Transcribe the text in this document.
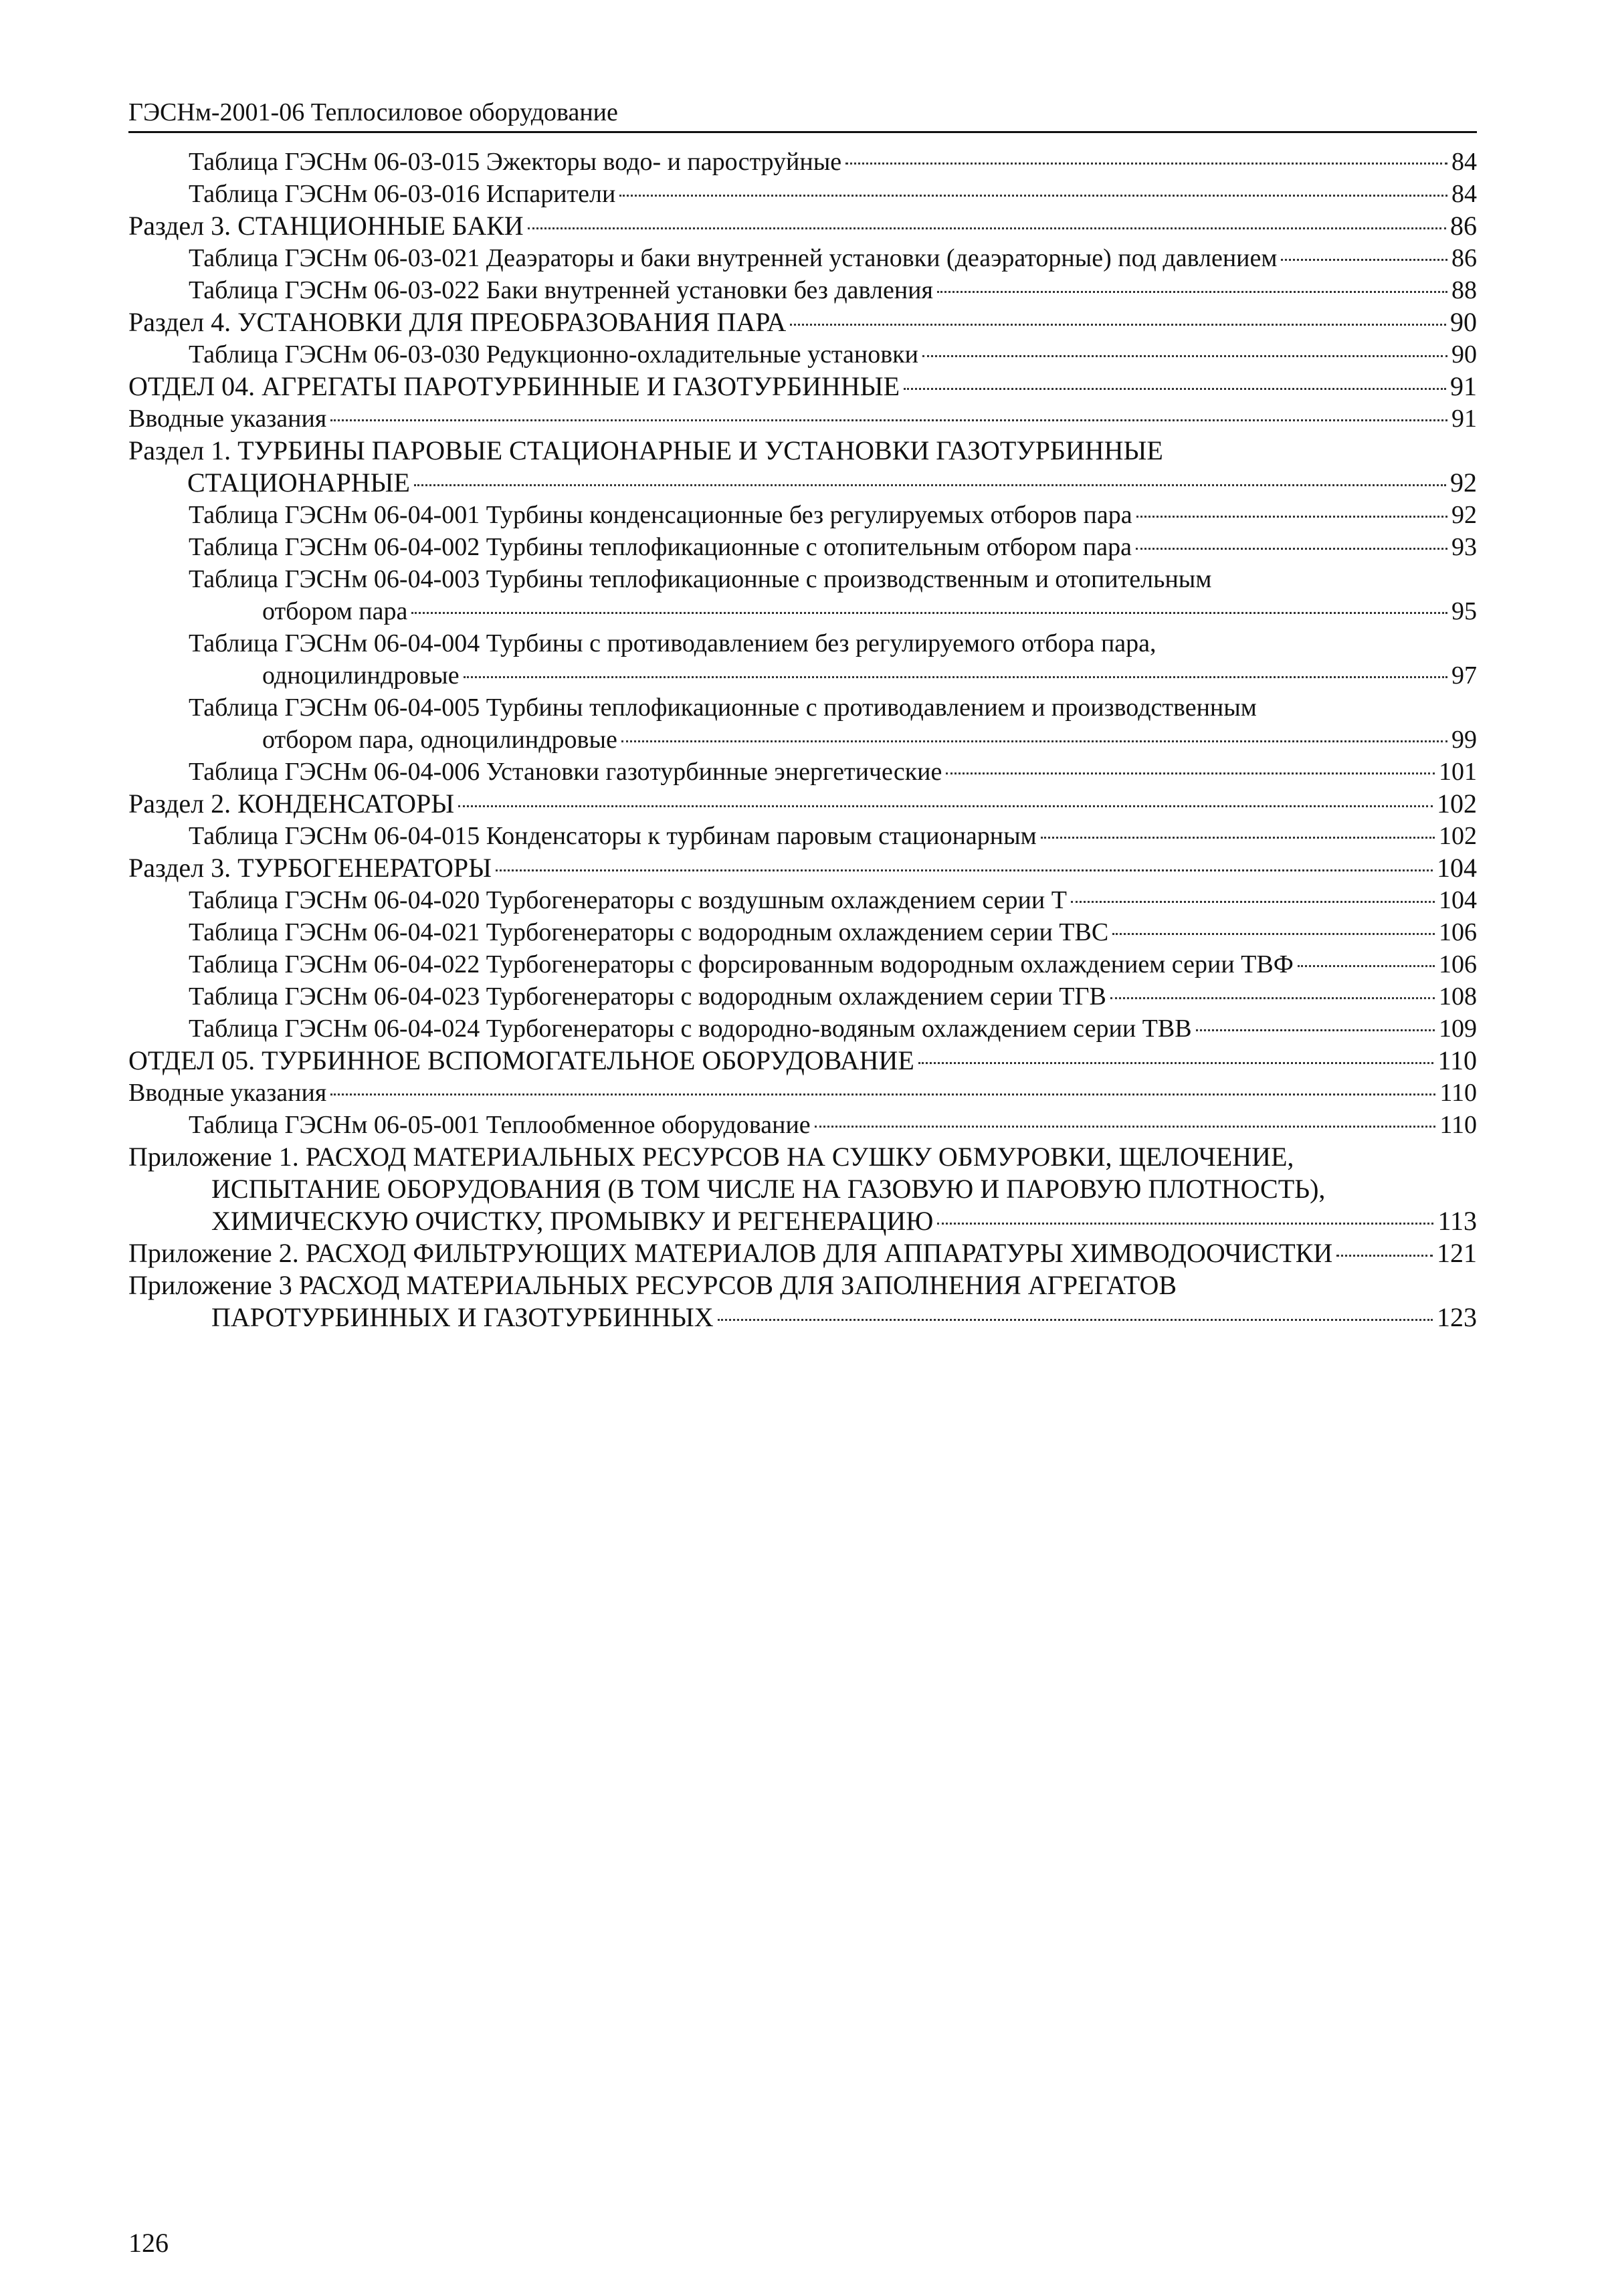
ГЭСНм-2001-06 Теплосиловое оборудование
Таблица ГЭСНм 06-03-015 Эжекторы водо- и пароструйные	84
Таблица ГЭСНм 06-03-016 Испарители	84
Раздел 3. СТАНЦИОННЫЕ БАКИ	86
Таблица ГЭСНм 06-03-021 Деаэраторы и баки внутренней установки (деаэраторные) под давлением	86
Таблица ГЭСНм 06-03-022 Баки внутренней установки без давления	88
Раздел 4. УСТАНОВКИ ДЛЯ ПРЕОБРАЗОВАНИЯ ПАРА	90
Таблица ГЭСНм 06-03-030 Редукционно-охладительные установки	90
ОТДЕЛ 04. АГРЕГАТЫ ПАРОТУРБИННЫЕ И ГАЗОТУРБИННЫЕ	91
Вводные указания	91
Раздел 1. ТУРБИНЫ ПАРОВЫЕ СТАЦИОНАРНЫЕ И УСТАНОВКИ ГАЗОТУРБИННЫЕ
СТАЦИОНАРНЫЕ	92
Таблица ГЭСНм 06-04-001 Турбины конденсационные без регулируемых отборов пара	92
Таблица ГЭСНм 06-04-002 Турбины теплофикационные с отопительным отбором пара	93
Таблица ГЭСНм 06-04-003 Турбины теплофикационные с производственным и отопительным
отбором пара	95
Таблица ГЭСНм 06-04-004 Турбины с противодавлением без регулируемого отбора пара,
одноцилиндровые	97
Таблица ГЭСНм 06-04-005 Турбины теплофикационные с противодавлением и производственным
отбором пара, одноцилиндровые	99
Таблица ГЭСНм 06-04-006 Установки газотурбинные энергетические	101
Раздел 2. КОНДЕНСАТОРЫ	102
Таблица ГЭСНм 06-04-015 Конденсаторы к турбинам паровым стационарным	102
Раздел 3. ТУРБОГЕНЕРАТОРЫ	104
Таблица ГЭСНм 06-04-020 Турбогенераторы с воздушным охлаждением серии Т	104
Таблица ГЭСНм 06-04-021 Турбогенераторы с водородным охлаждением серии ТВС	106
Таблица ГЭСНм 06-04-022 Турбогенераторы с форсированным водородным охлаждением серии ТВФ	106
Таблица ГЭСНм 06-04-023 Турбогенераторы с водородным охлаждением серии ТГВ	108
Таблица ГЭСНм 06-04-024 Турбогенераторы с водородно-водяным охлаждением серии ТВВ	109
ОТДЕЛ 05. ТУРБИННОЕ ВСПОМОГАТЕЛЬНОЕ ОБОРУДОВАНИЕ	110
Вводные указания	110
Таблица ГЭСНм 06-05-001 Теплообменное оборудование	110
Приложение 1. РАСХОД МАТЕРИАЛЬНЫХ РЕСУРСОВ НА СУШКУ ОБМУРОВКИ, ЩЕЛОЧЕНИЕ,
ИСПЫТАНИЕ ОБОРУДОВАНИЯ (В ТОМ ЧИСЛЕ НА ГАЗОВУЮ И ПАРОВУЮ ПЛОТНОСТЬ),
ХИМИЧЕСКУЮ ОЧИСТКУ, ПРОМЫВКУ И РЕГЕНЕРАЦИЮ	113
Приложение 2. РАСХОД ФИЛЬТРУЮЩИХ МАТЕРИАЛОВ ДЛЯ АППАРАТУРЫ ХИМВОДООЧИСТКИ	121
Приложение 3 РАСХОД МАТЕРИАЛЬНЫХ РЕСУРСОВ ДЛЯ ЗАПОЛНЕНИЯ АГРЕГАТОВ
ПАРОТУРБИННЫХ И ГАЗОТУРБИННЫХ	123
126
